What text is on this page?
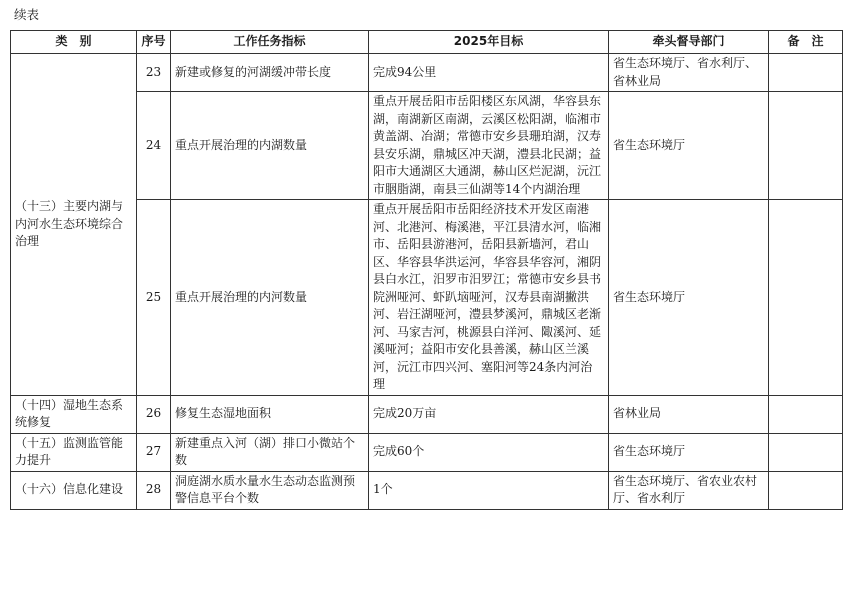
续表
类　别	序号	工作任务指标	2025年目标	牵头督导部门	备　注
（十三）主要内湖与内河水生态环境综合治理	23	新建或修复的河湖缓冲带长度	完成94公里	省生态环境厅、省水利厅、省林业局	
	24	重点开展治理的内湖数量	重点开展岳阳市岳阳楼区东风湖，华容县东湖，南湖新区南湖，云溪区松阳湖，临湘市黄盖湖、冶湖；常德市安乡县珊珀湖，汉寿县安乐湖，鼎城区冲天湖，澧县北民湖；益阳市大通湖区大通湖，赫山区烂泥湖，沅江市胭脂湖，南县三仙湖等14个内湖治理	省生态环境厅	
	25	重点开展治理的内河数量	重点开展岳阳市岳阳经济技术开发区南港河、北港河、梅溪港，平江县清水河，临湘市、岳阳县游港河，岳阳县新墙河，君山区、华容县华洪运河，华容县华容河，湘阴县白水江，汨罗市汨罗江；常德市安乡县书院洲哑河、虾趴垴哑河，汉寿县南湖撇洪河、岩汪湖哑河，澧县梦溪河，鼎城区老渐河、马家吉河，桃源县白洋河、陬溪河、延溪哑河；益阳市安化县善溪，赫山区兰溪河，沅江市四兴河、塞阳河等24条内河治理	省生态环境厅	
（十四）湿地生态系统修复	26	修复生态湿地面积	完成20万亩	省林业局	
（十五）监测监管能力提升	27	新建重点入河（湖）排口小微站个数	完成60个	省生态环境厅	
（十六）信息化建设	28	洞庭湖水质水量水生态动态监测预警信息平台个数	1个	省生态环境厅、省农业农村厅、省水利厅	
